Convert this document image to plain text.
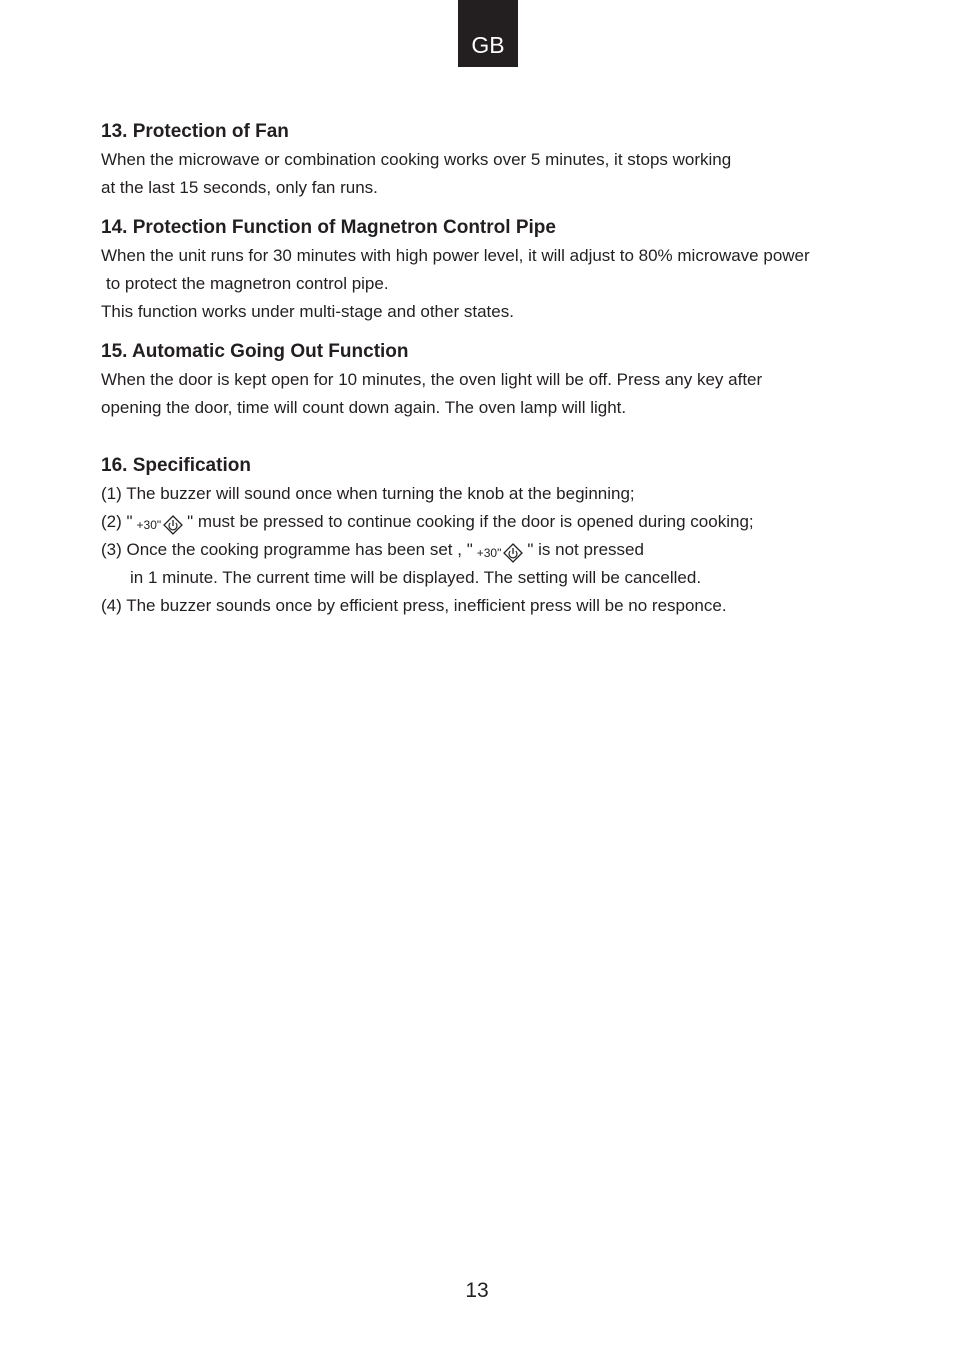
GB
13. Protection of Fan

When the microwave or combination cooking works over 5 minutes, it stops working

at the last 15 seconds, only fan runs.

14. Protection Function of Magnetron Control Pipe

When the unit runs for 30 minutes with high power level, it will adjust to 80% microwave power

to protect the magnetron control pipe.

This function works under multi-stage and other states.

15. Automatic Going Out Function

When the door is kept open for 10 minutes, the oven light will be off. Press any key after

opening the door, time will count down again. The oven lamp will light.

16. Specification

(1) The buzzer will sound once when turning the knob at the beginning;

(2) " +30" " must be pressed to continue cooking if the door is opened during cooking;

(3) Once the cooking programme has been set , " +30" " is not pressed

in 1 minute. The current time will be displayed. The setting will be cancelled.

(4) The buzzer sounds once by efficient press, inefficient press will be no responce.

13
